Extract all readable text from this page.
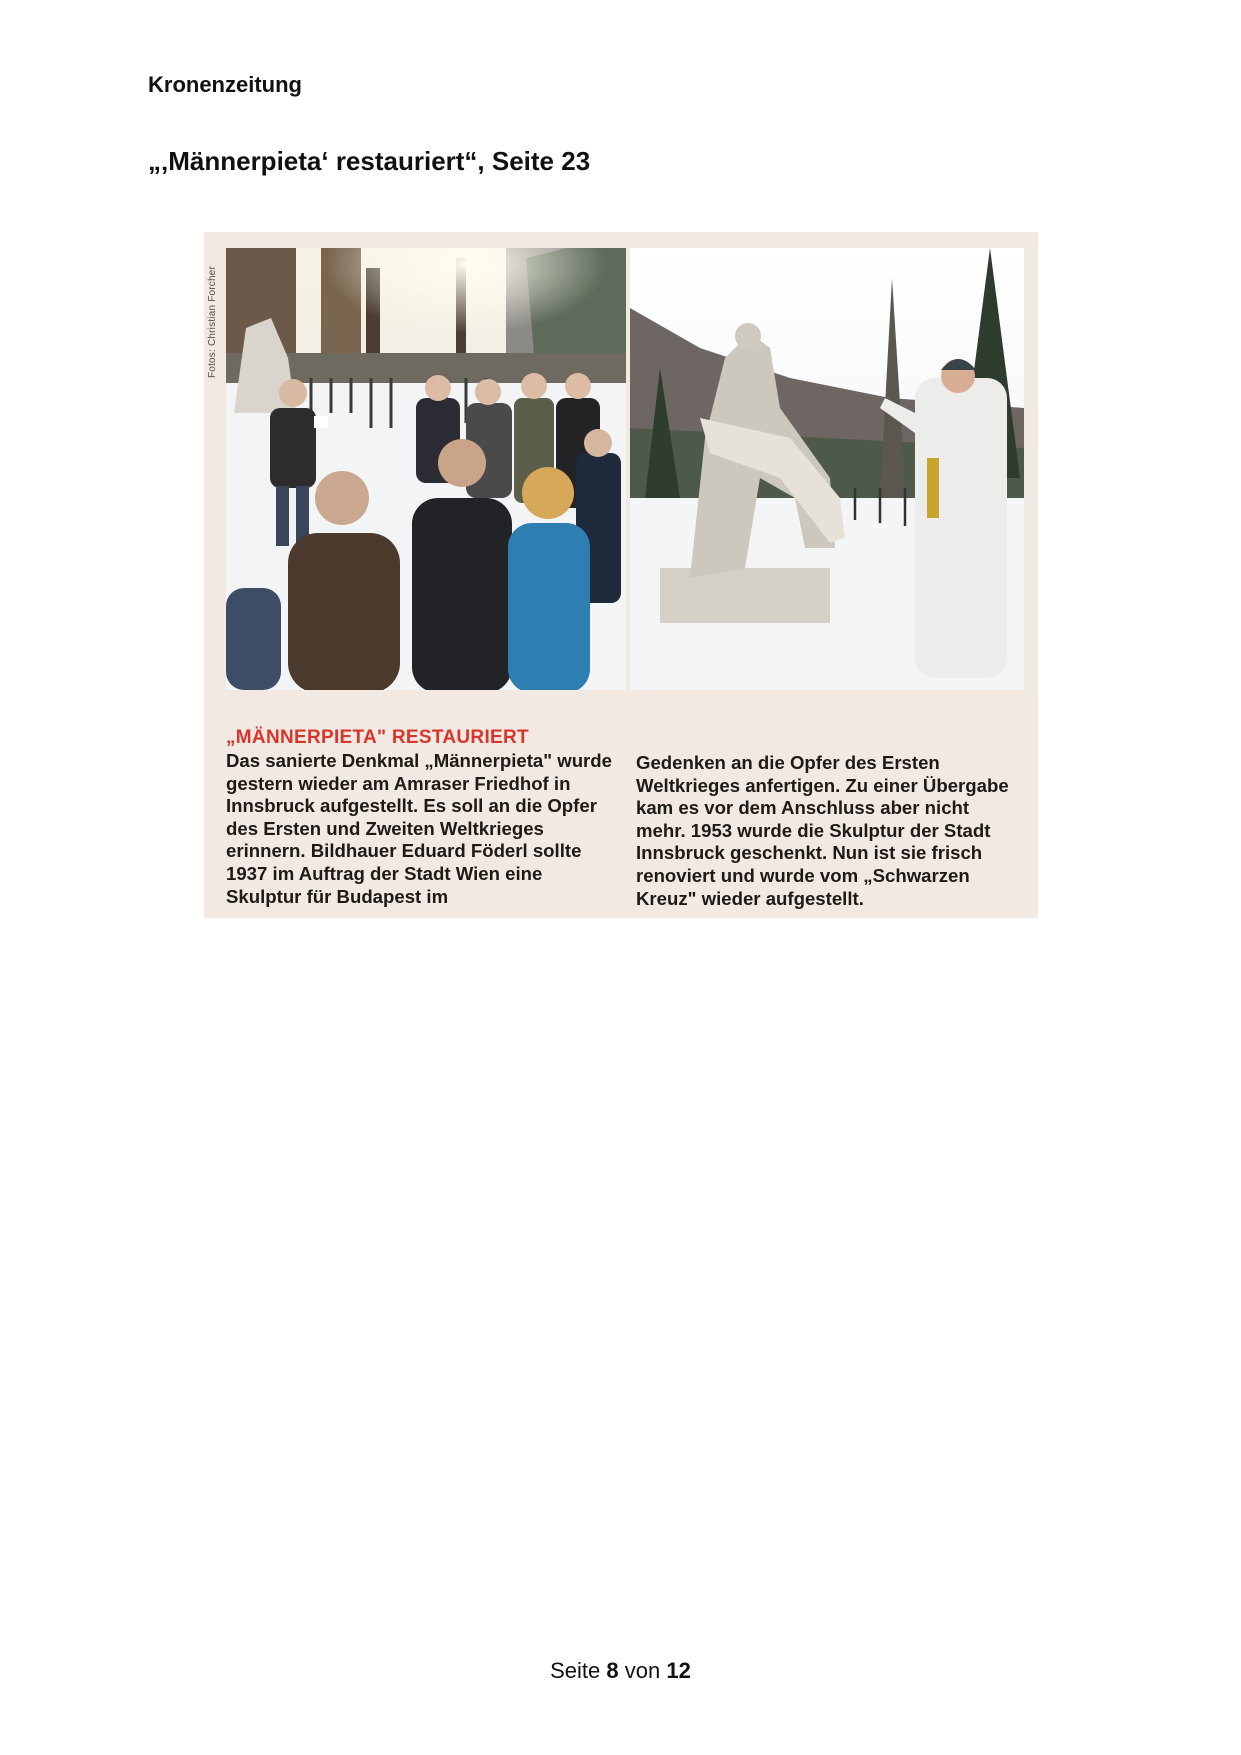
Kronenzeitung
„‚Männerpieta‘ restauriert“, Seite 23
Fotos: Christian Forcher
„MÄNNERPIETA" RESTAURIERT

Das sanierte Denkmal „Männerpieta" wurde gestern wieder am Amraser Friedhof in Innsbruck aufgestellt. Es soll an die Opfer des Ersten und Zweiten Weltkrieges erinnern. Bildhauer Eduard Föderl sollte 1937 im Auftrag der Stadt Wien eine Skulptur für Budapest im

Gedenken an die Opfer des Ersten Weltkrieges anfertigen. Zu einer Übergabe kam es vor dem Anschluss aber nicht mehr. 1953 wurde die Skulptur der Stadt Innsbruck geschenkt. Nun ist sie frisch renoviert und wurde vom „Schwarzen Kreuz" wieder aufgestellt.

Seite 8 von 12
